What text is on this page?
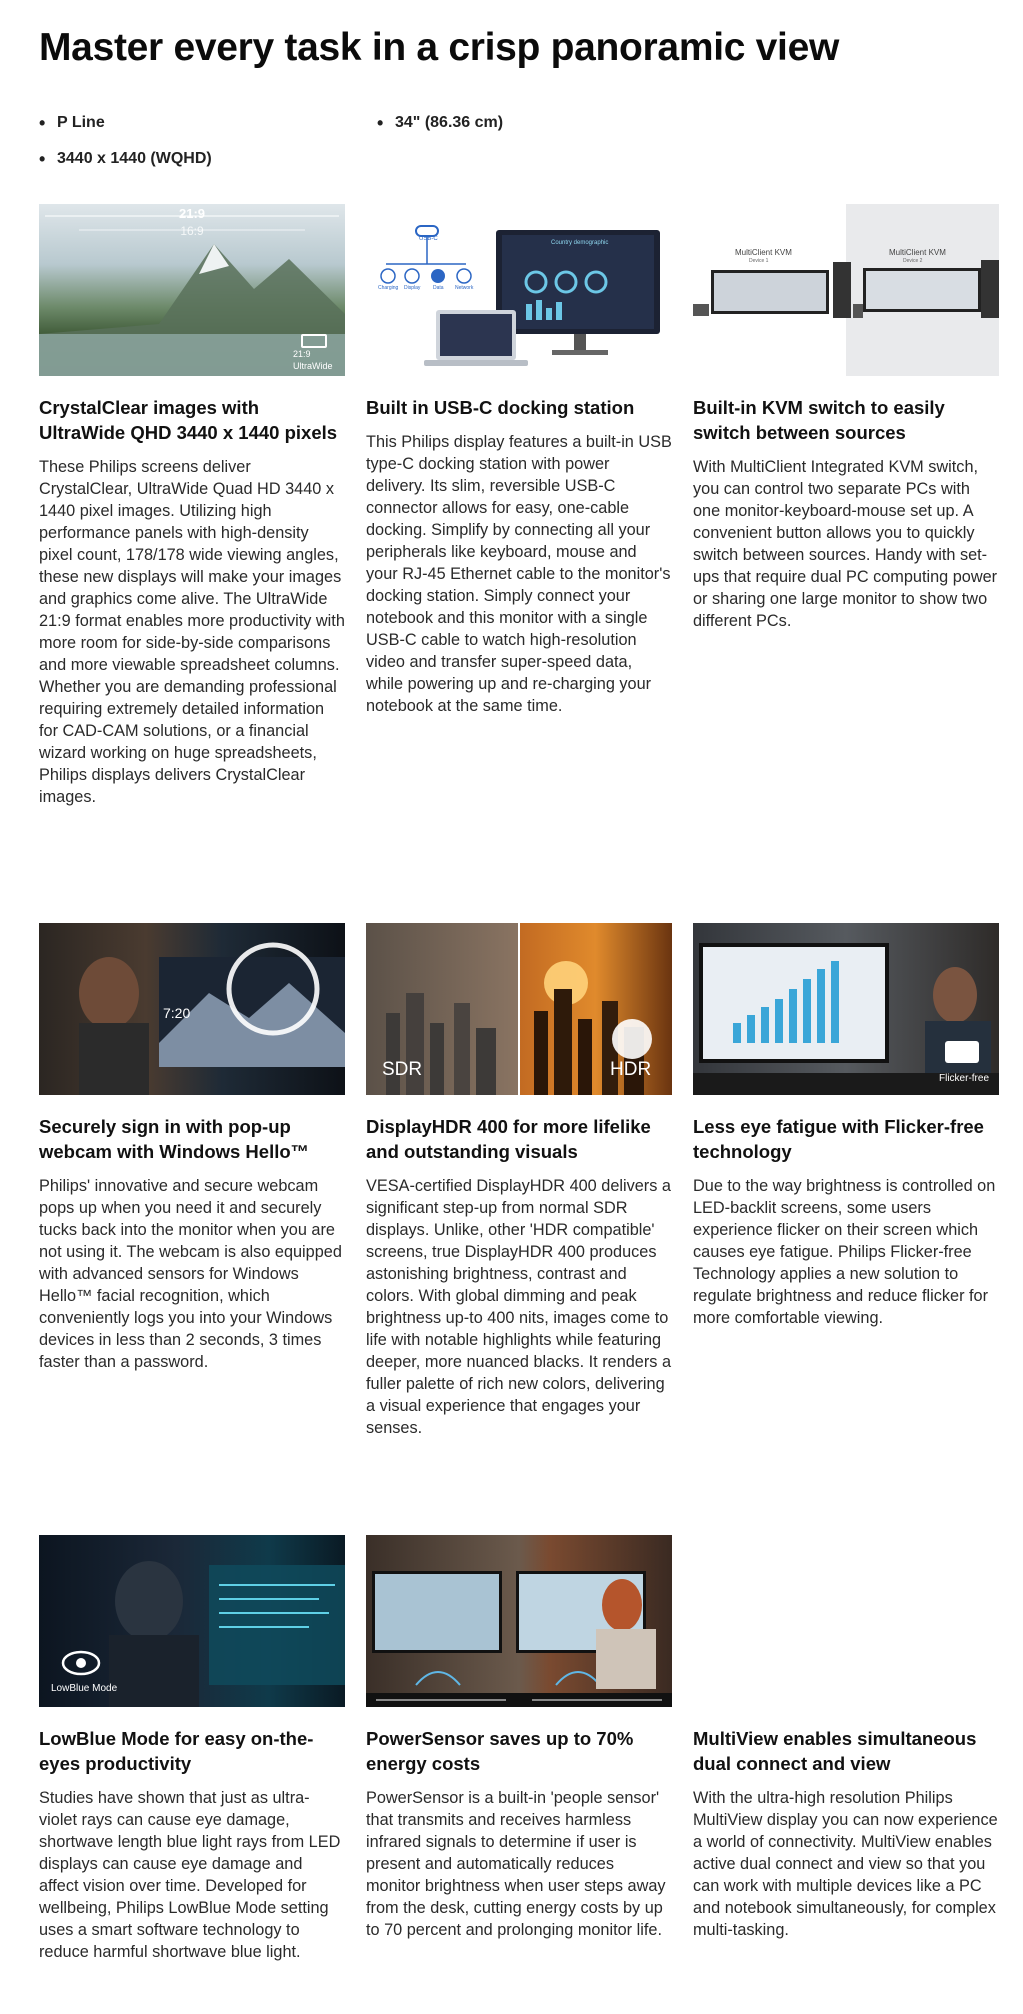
Master every task in a crisp panoramic view
• P Line
•	34" (86.36 cm)
• 3440 x 1440 (WQHD)
21:9
16:9
21:9
UltraWide
CrystalClear images with UltraWide QHD 3440 x 1440 pixels

These Philips screens deliver CrystalClear, UltraWide Quad HD 3440 x 1440 pixel images. Utilizing high performance panels with high-density pixel count, 178/178 wide viewing angles, these new displays will make your images and graphics come alive. The UltraWide 21:9 format enables more productivity with more room for side-by-side comparisons and more viewable spreadsheet columns. Whether you are demanding professional requiring extremely detailed information for CAD-CAM solutions, or a financial wizard working on huge spreadsheets, Philips displays delivers CrystalClear images.

USB-C
Charging Display	Data Network
Country demographic
Built in USB-C docking station

This Philips display features a built-in USB type-C docking station with power delivery. Its slim, reversible USB-C connector allows for easy, one-cable docking. Simplify by connecting all your peripherals like keyboard, mouse and your RJ-45 Ethernet cable to the monitor's docking station. Simply connect your notebook and this monitor with a single USB-C cable to watch high-resolution video and transfer super-speed data, while powering up and re-charging your notebook at the same time.

MultiClient KVM
Device 1
MultiClient KVM
Device 2
Built-in KVM switch to easily switch between sources

With MultiClient Integrated KVM switch, you can control two separate PCs with one monitor-keyboard-mouse set up. A convenient button allows you to quickly switch between sources. Handy with set-ups that require dual PC computing power or sharing one large monitor to show two different PCs.

7:20
Securely sign in with pop-up webcam with Windows Hello™

Philips' innovative and secure webcam pops up when you need it and securely tucks back into the monitor when you are not using it. The webcam is also equipped with advanced sensors for Windows Hello™ facial recognition, which conveniently logs you into your Windows devices in less than 2 seconds, 3 times faster than a password.

SDR	HDR
DisplayHDR 400 for more lifelike and outstanding visuals

VESA-certified DisplayHDR 400 delivers a significant step-up from normal SDR displays. Unlike, other 'HDR compatible' screens, true DisplayHDR 400 produces astonishing brightness, contrast and colors. With global dimming and peak brightness up-to 400 nits, images come to life with notable highlights while featuring deeper, more nuanced blacks. It renders a fuller palette of rich new colors, delivering a visual experience that engages your senses.

Flicker-free
Less eye fatigue with Flicker-free technology

Due to the way brightness is controlled on LED-backlit screens, some users experience flicker on their screen which causes eye fatigue. Philips Flicker-free Technology applies a new solution to regulate brightness and reduce flicker for more comfortable viewing.

LowBlue Mode
LowBlue Mode for easy on-the-eyes productivity

Studies have shown that just as ultra-violet rays can cause eye damage, shortwave length blue light rays from LED displays can cause eye damage and affect vision over time. Developed for wellbeing, Philips LowBlue Mode setting uses a smart software technology to reduce harmful shortwave blue light.

PowerSensor saves up to 70% energy costs

PowerSensor is a built-in 'people sensor' that transmits and receives harmless infrared signals to determine if user is present and automatically reduces monitor brightness when user steps away from the desk, cutting energy costs by up to 70 percent and prolonging monitor life.

MultiView enables simultaneous dual connect and view

With the ultra-high resolution Philips MultiView display you can now experience a world of connectivity. MultiView enables active dual connect and view so that you can work with multiple devices like a PC and notebook simultaneously, for complex multi-tasking.
